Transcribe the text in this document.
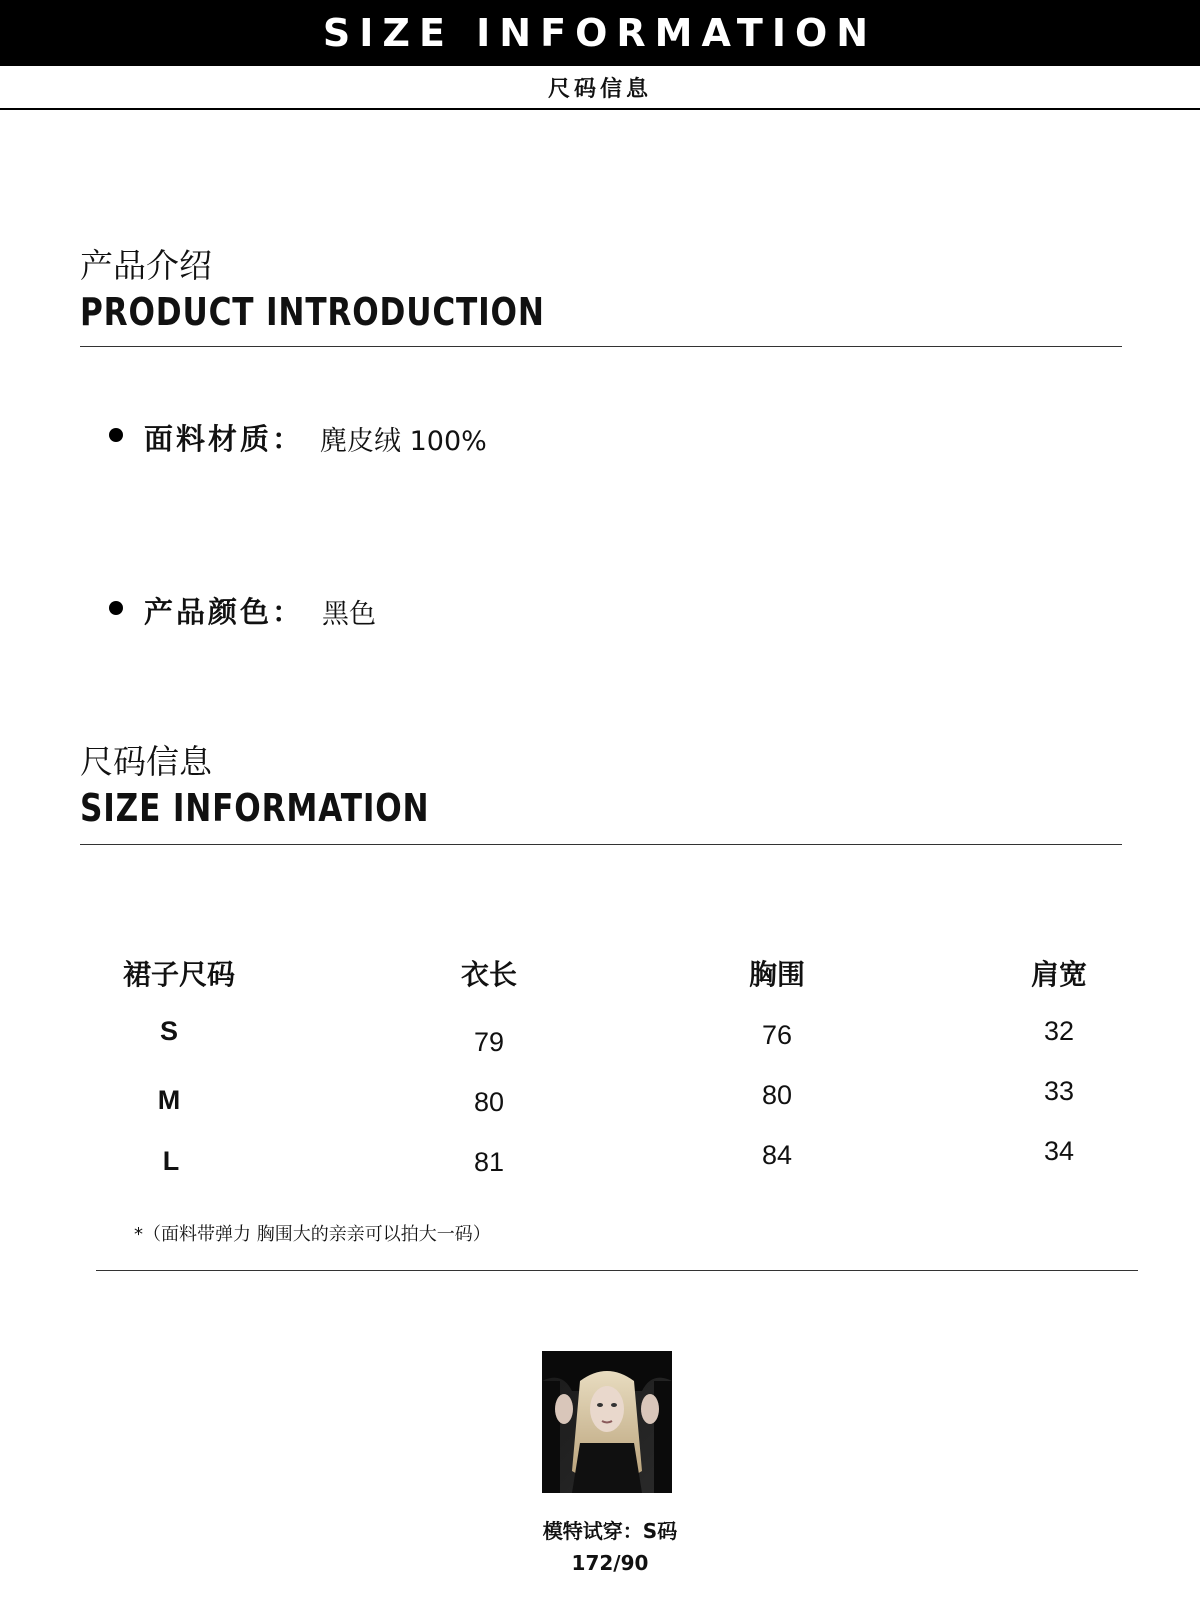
SIZE INFORMATION
尺码信息
产品介绍
PRODUCT INTRODUCTION
面料材质： 麂皮绒 100%
产品颜色： 黑色
尺码信息
SIZE INFORMATION
裙子尺码	衣长	胸围	肩宽
S	79	76	32
M	80	80	33
L	81	84	34
*（面料带弹力 胸围大的亲亲可以拍大一码）
模特试穿：S码
172/90
